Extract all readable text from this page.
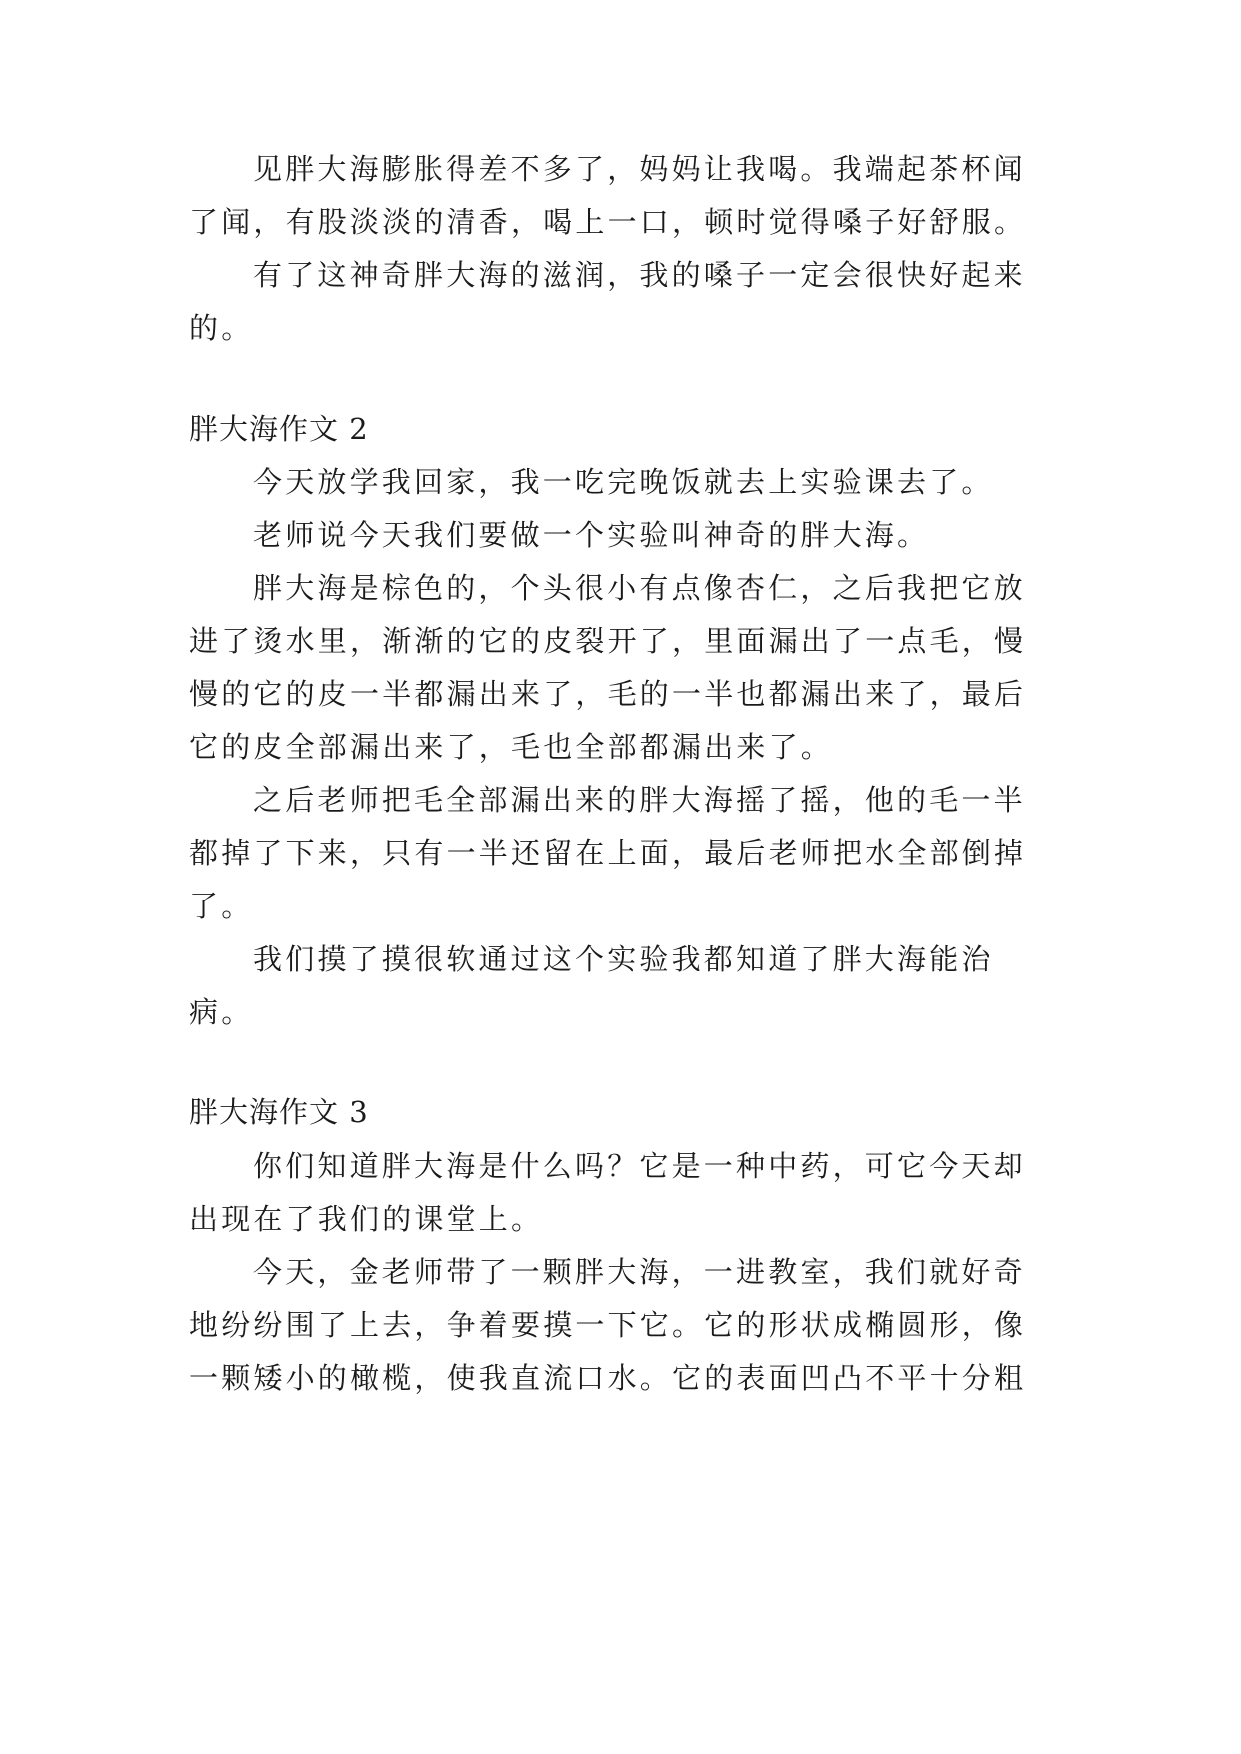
见胖大海膨胀得差不多了，妈妈让我喝。我端起茶杯闻
了闻，有股淡淡的清香，喝上一口，顿时觉得嗓子好舒服。
有了这神奇胖大海的滋润，我的嗓子一定会很快好起来
的。
胖大海作文 2
今天放学我回家，我一吃完晚饭就去上实验课去了。
老师说今天我们要做一个实验叫神奇的胖大海。
胖大海是棕色的，个头很小有点像杏仁，之后我把它放
进了烫水里，渐渐的它的皮裂开了，里面漏出了一点毛，慢
慢的它的皮一半都漏出来了，毛的一半也都漏出来了，最后
它的皮全部漏出来了，毛也全部都漏出来了。
之后老师把毛全部漏出来的胖大海摇了摇，他的毛一半
都掉了下来，只有一半还留在上面，最后老师把水全部倒掉
了。
我们摸了摸很软通过这个实验我都知道了胖大海能治
病。
胖大海作文 3
你们知道胖大海是什么吗？它是一种中药，可它今天却
出现在了我们的课堂上。
今天，金老师带了一颗胖大海，一进教室，我们就好奇
地纷纷围了上去，争着要摸一下它。它的形状成椭圆形，像
一颗矮小的橄榄，使我直流口水。它的表面凹凸不平十分粗
